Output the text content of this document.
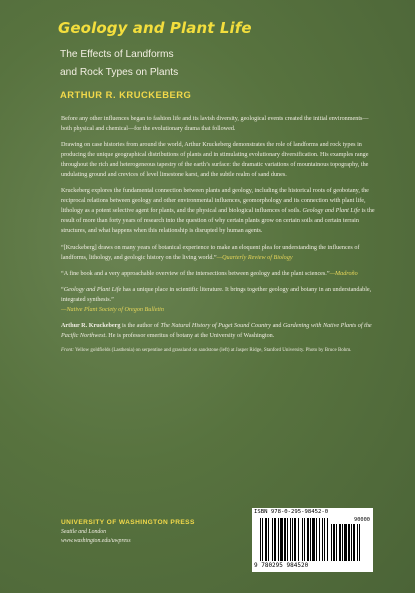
Geology and Plant Life
The Effects of Landforms
and Rock Types on Plants
ARTHUR R. KRUCKEBERG

Before any other influences began to fashion life and its lavish diversity, geological events created the initial environments—both physical and chemical—for the evolutionary drama that followed.

Drawing on case histories from around the world, Arthur Kruckeberg demonstrates the role of landforms and rock types in producing the unique geographical distributions of plants and in stimulating evolutionary diversification. His examples range throughout the rich and heterogeneous tapestry of the earth’s surface: the dramatic variations of mountainous topography, the undulating ground and crevices of level limestone karst, and the subtle realm of sand dunes.

Kruckeberg explores the fundamental connection between plants and geology, including the historical roots of geobotany, the reciprocal relations between geology and other environmental influences, geomorphology and its connection with plant life, lithology as a potent selective agent for plants, and the physical and biological influences of soils. Geology and Plant Life is the result of more than forty years of research into the question of why certain plants grow on certain soils and certain terrain structures, and what happens when this relationship is disrupted by human agents.

“[Kruckeberg] draws on many years of botanical experience to make an eloquent plea for understanding the influences of landforms, lithology, and geologic history on the living world.”—Quarterly Review of Biology

“A fine book and a very approachable overview of the intersections between geology and the plant sciences.”—Madroño

“Geology and Plant Life has a unique place in scientific literature. It brings together geology and botany in an understandable, integrated synthesis.”
—Native Plant Society of Oregon Bulletin

Arthur R. Kruckeberg is the author of The Natural History of Puget Sound Country and Gardening with Native Plants of the Pacific Northwest. He is professor emeritus of botany at the University of Washington.

Front: Yellow goldfields (Lasthenia) on serpentine and grassland on sandstone (left) at Jasper Ridge, Stanford University. Photo by Bruce Bohm.
UNIVERSITY OF WASHINGTON PRESS
Seattle and London
www.washington.edu/uwpress
ISBN 978-0-295-98452-0
90000
9 780295 984520
